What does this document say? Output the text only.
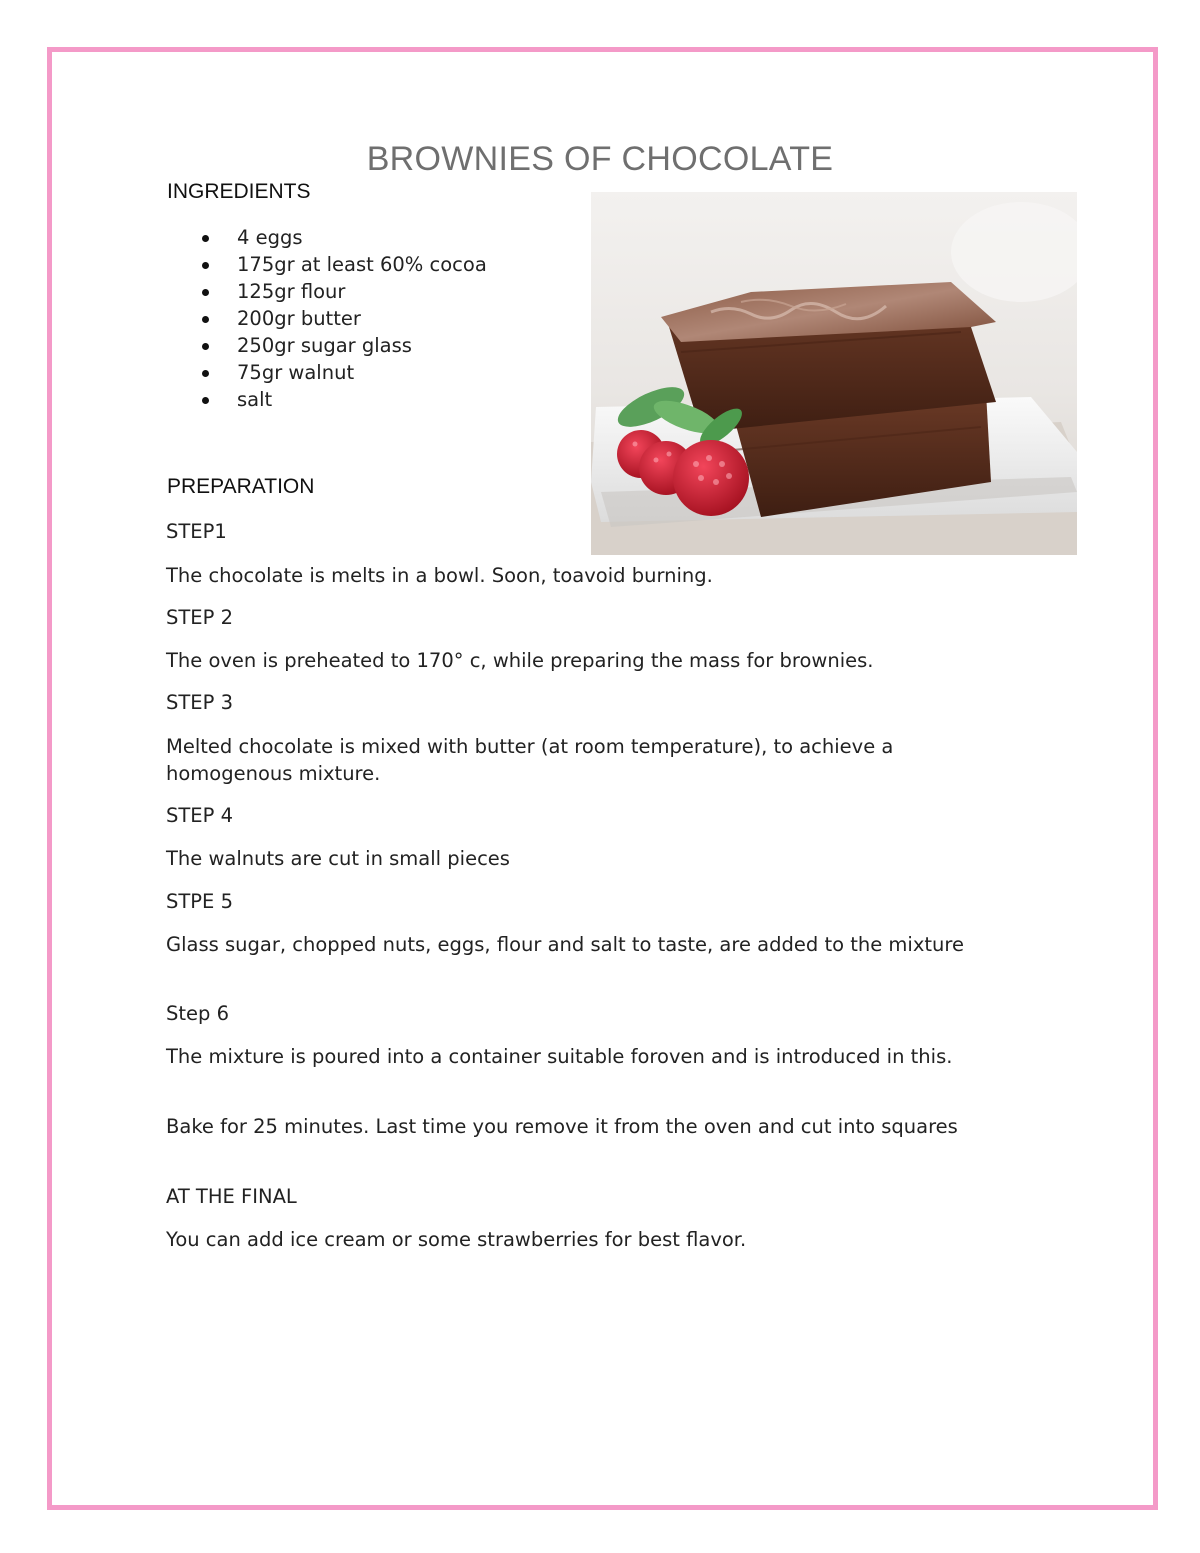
BROWNIES OF CHOCOLATE
INGREDIENTS
4 eggs
175gr at least 60% cocoa
125gr flour
200gr butter
250gr sugar glass
75gr walnut
salt
PREPARATION
STEP1
The chocolate is melts in a bowl. Soon, toavoid burning.
STEP 2
The oven is preheated to 170° c, while preparing the mass for brownies.
STEP 3
Melted chocolate is mixed with butter (at room temperature), to achieve a homogenous mixture.
STEP 4
The walnuts are cut in small pieces
STPE 5
Glass sugar, chopped nuts, eggs, flour and salt to taste, are added to the mixture
Step 6
The mixture is poured into a container suitable foroven and is introduced in this.
Bake for 25 minutes. Last time you remove it from the oven and cut into squares
AT THE FINAL
You can add ice cream or some strawberries for best flavor.
